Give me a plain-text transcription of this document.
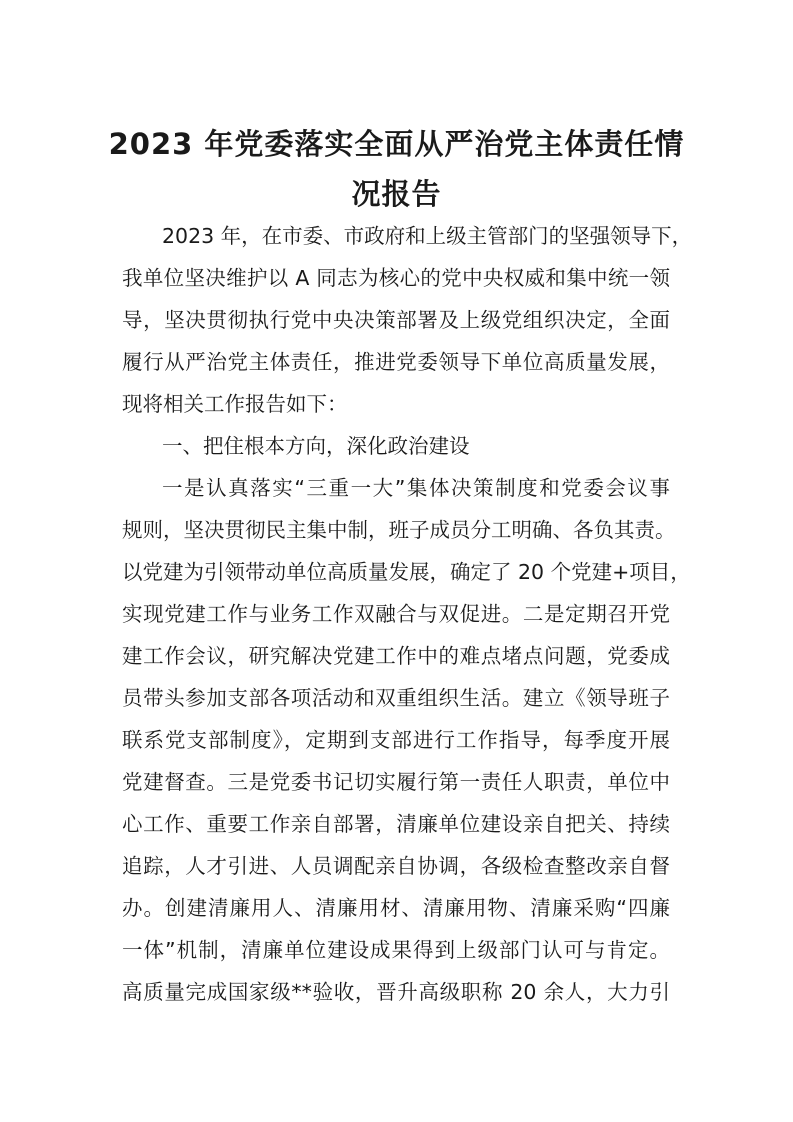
2023 年党委落实全面从严治党主体责任情
况报告
2023 年，在市委、市政府和上级主管部门的坚强领导下，
我单位坚决维护以 A 同志为核心的党中央权威和集中统一领
导，坚决贯彻执行党中央决策部署及上级党组织决定，全面
履行从严治党主体责任，推进党委领导下单位高质量发展，
现将相关工作报告如下：
一、把住根本方向，深化政治建设
一是认真落实“三重一大”集体决策制度和党委会议事
规则，坚决贯彻民主集中制，班子成员分工明确、各负其责。
以党建为引领带动单位高质量发展，确定了 20 个党建+项目，
实现党建工作与业务工作双融合与双促进。二是定期召开党
建工作会议，研究解决党建工作中的难点堵点问题，党委成
员带头参加支部各项活动和双重组织生活。建立《领导班子
联系党支部制度》，定期到支部进行工作指导，每季度开展
党建督查。三是党委书记切实履行第一责任人职责，单位中
心工作、重要工作亲自部署，清廉单位建设亲自把关、持续
追踪，人才引进、人员调配亲自协调，各级检查整改亲自督
办。创建清廉用人、清廉用材、清廉用物、清廉采购“四廉
一体”机制，清廉单位建设成果得到上级部门认可与肯定。
高质量完成国家级**验收，晋升高级职称 20 余人，大力引
